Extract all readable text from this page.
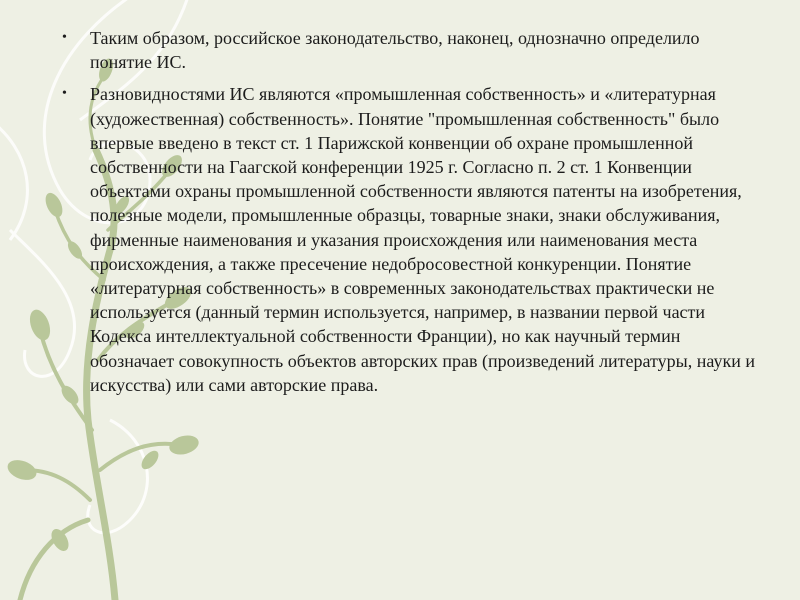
• Таким образом, российское законодательство, наконец, однозначно определило понятие ИС.
• Разновидностями ИС являются «промышленная собственность» и «литературная (художественная) собственность». Понятие "промышленная собственность" было впервые введено в текст ст. 1 Парижской конвенции об охране промышленной собственности на Гаагской конференции 1925 г. Согласно п. 2 ст. 1 Конвенции объектами охраны промышленной собственности являются патенты на изобретения, полезные модели, промышленные образцы, товарные знаки, знаки обслуживания, фирменные наименования и указания происхождения или наименования места происхождения, а также пресечение недобросовестной конкуренции. Понятие «литературная собственность» в современных законодательствах практически не используется (данный термин используется, например, в названии первой части Кодекса интеллектуальной собственности Франции), но как научный термин обозначает совокупность объектов авторских прав (произведений литературы, науки и искусства) или сами авторские права.
